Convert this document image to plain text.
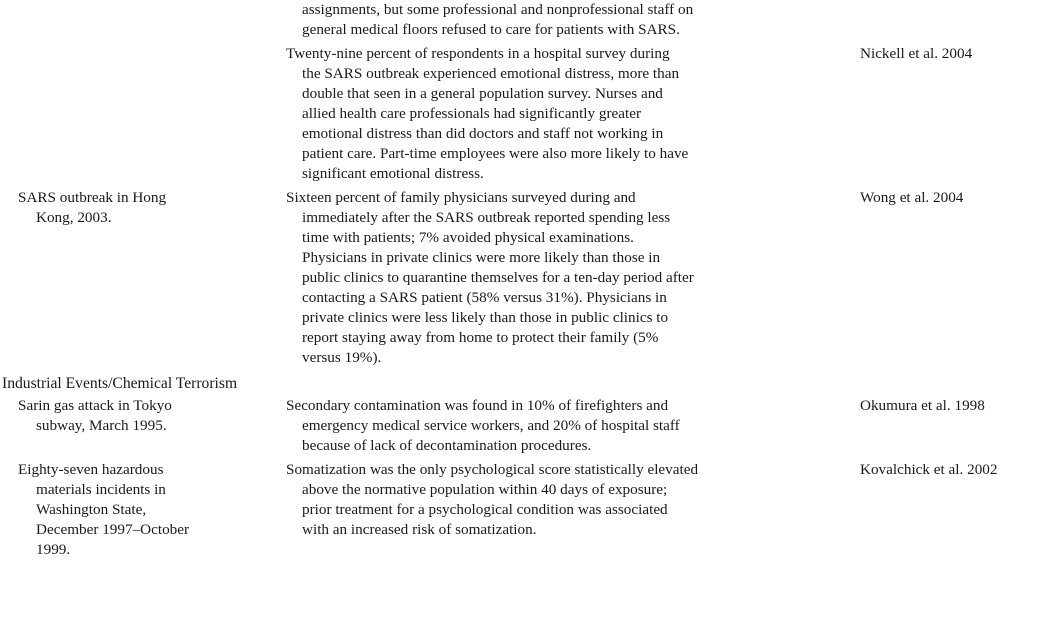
assignments, but some professional and nonprofessional staff on
general medical floors refused to care for patients with SARS.
Twenty-nine percent of respondents in a hospital survey during
the SARS outbreak experienced emotional distress, more than
double that seen in a general population survey. Nurses and
allied health care professionals had significantly greater
emotional distress than did doctors and staff not working in
patient care. Part-time employees were also more likely to have
significant emotional distress.
Nickell et al. 2004
SARS outbreak in Hong
Kong, 2003.
Sixteen percent of family physicians surveyed during and
immediately after the SARS outbreak reported spending less
time with patients; 7% avoided physical examinations.
Physicians in private clinics were more likely than those in
public clinics to quarantine themselves for a ten-day period after
contacting a SARS patient (58% versus 31%). Physicians in
private clinics were less likely than those in public clinics to
report staying away from home to protect their family (5%
versus 19%).
Wong et al. 2004
Industrial Events/Chemical Terrorism
Sarin gas attack in Tokyo
subway, March 1995.
Secondary contamination was found in 10% of firefighters and
emergency medical service workers, and 20% of hospital staff
because of lack of decontamination procedures.
Okumura et al. 1998
Eighty-seven hazardous
materials incidents in
Washington State,
December 1997–October
1999.
Somatization was the only psychological score statistically elevated
above the normative population within 40 days of exposure;
prior treatment for a psychological condition was associated
with an increased risk of somatization.
Kovalchick et al. 2002
